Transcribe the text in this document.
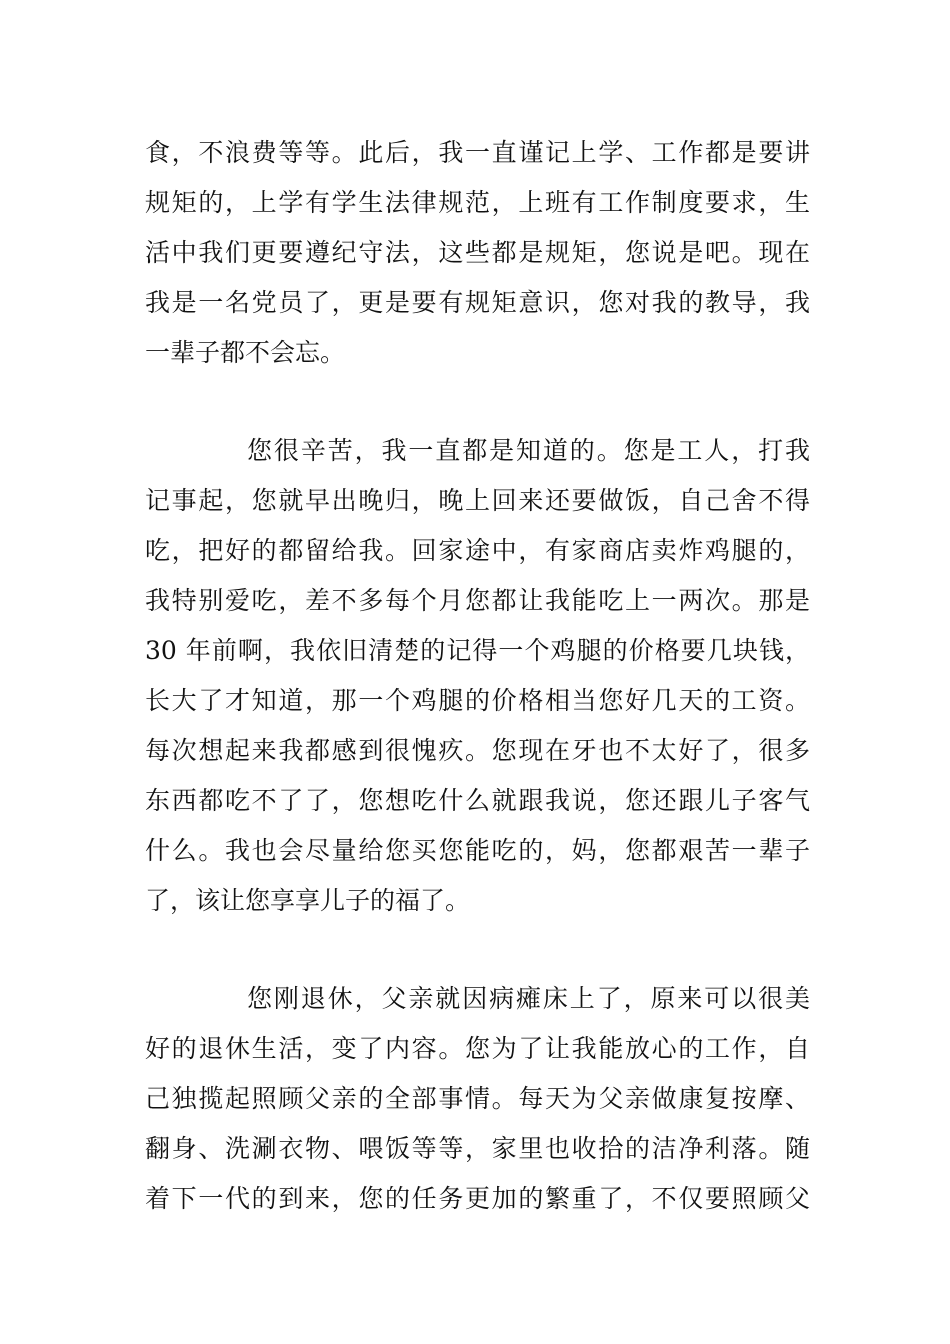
食，不浪费等等。此后，我一直谨记上学、工作都是要讲

规矩的，上学有学生法律规范，上班有工作制度要求，生

活中我们更要遵纪守法，这些都是规矩，您说是吧。现在

我是一名党员了，更是要有规矩意识，您对我的教导，我

一辈子都不会忘。

您很辛苦，我一直都是知道的。您是工人，打我

记事起，您就早出晚归，晚上回来还要做饭，自己舍不得

吃，把好的都留给我。回家途中，有家商店卖炸鸡腿的，

我特别爱吃，差不多每个月您都让我能吃上一两次。那是

30 年前啊，我依旧清楚的记得一个鸡腿的价格要几块钱，

长大了才知道，那一个鸡腿的价格相当您好几天的工资。

每次想起来我都感到很愧疚。您现在牙也不太好了，很多

东西都吃不了了，您想吃什么就跟我说，您还跟儿子客气

什么。我也会尽量给您买您能吃的，妈，您都艰苦一辈子

了，该让您享享儿子的福了。

您刚退休，父亲就因病瘫床上了，原来可以很美

好的退休生活，变了内容。您为了让我能放心的工作，自

己独揽起照顾父亲的全部事情。每天为父亲做康复按摩、

翻身、洗涮衣物、喂饭等等，家里也收拾的洁净利落。随

着下一代的到来，您的任务更加的繁重了，不仅要照顾父
